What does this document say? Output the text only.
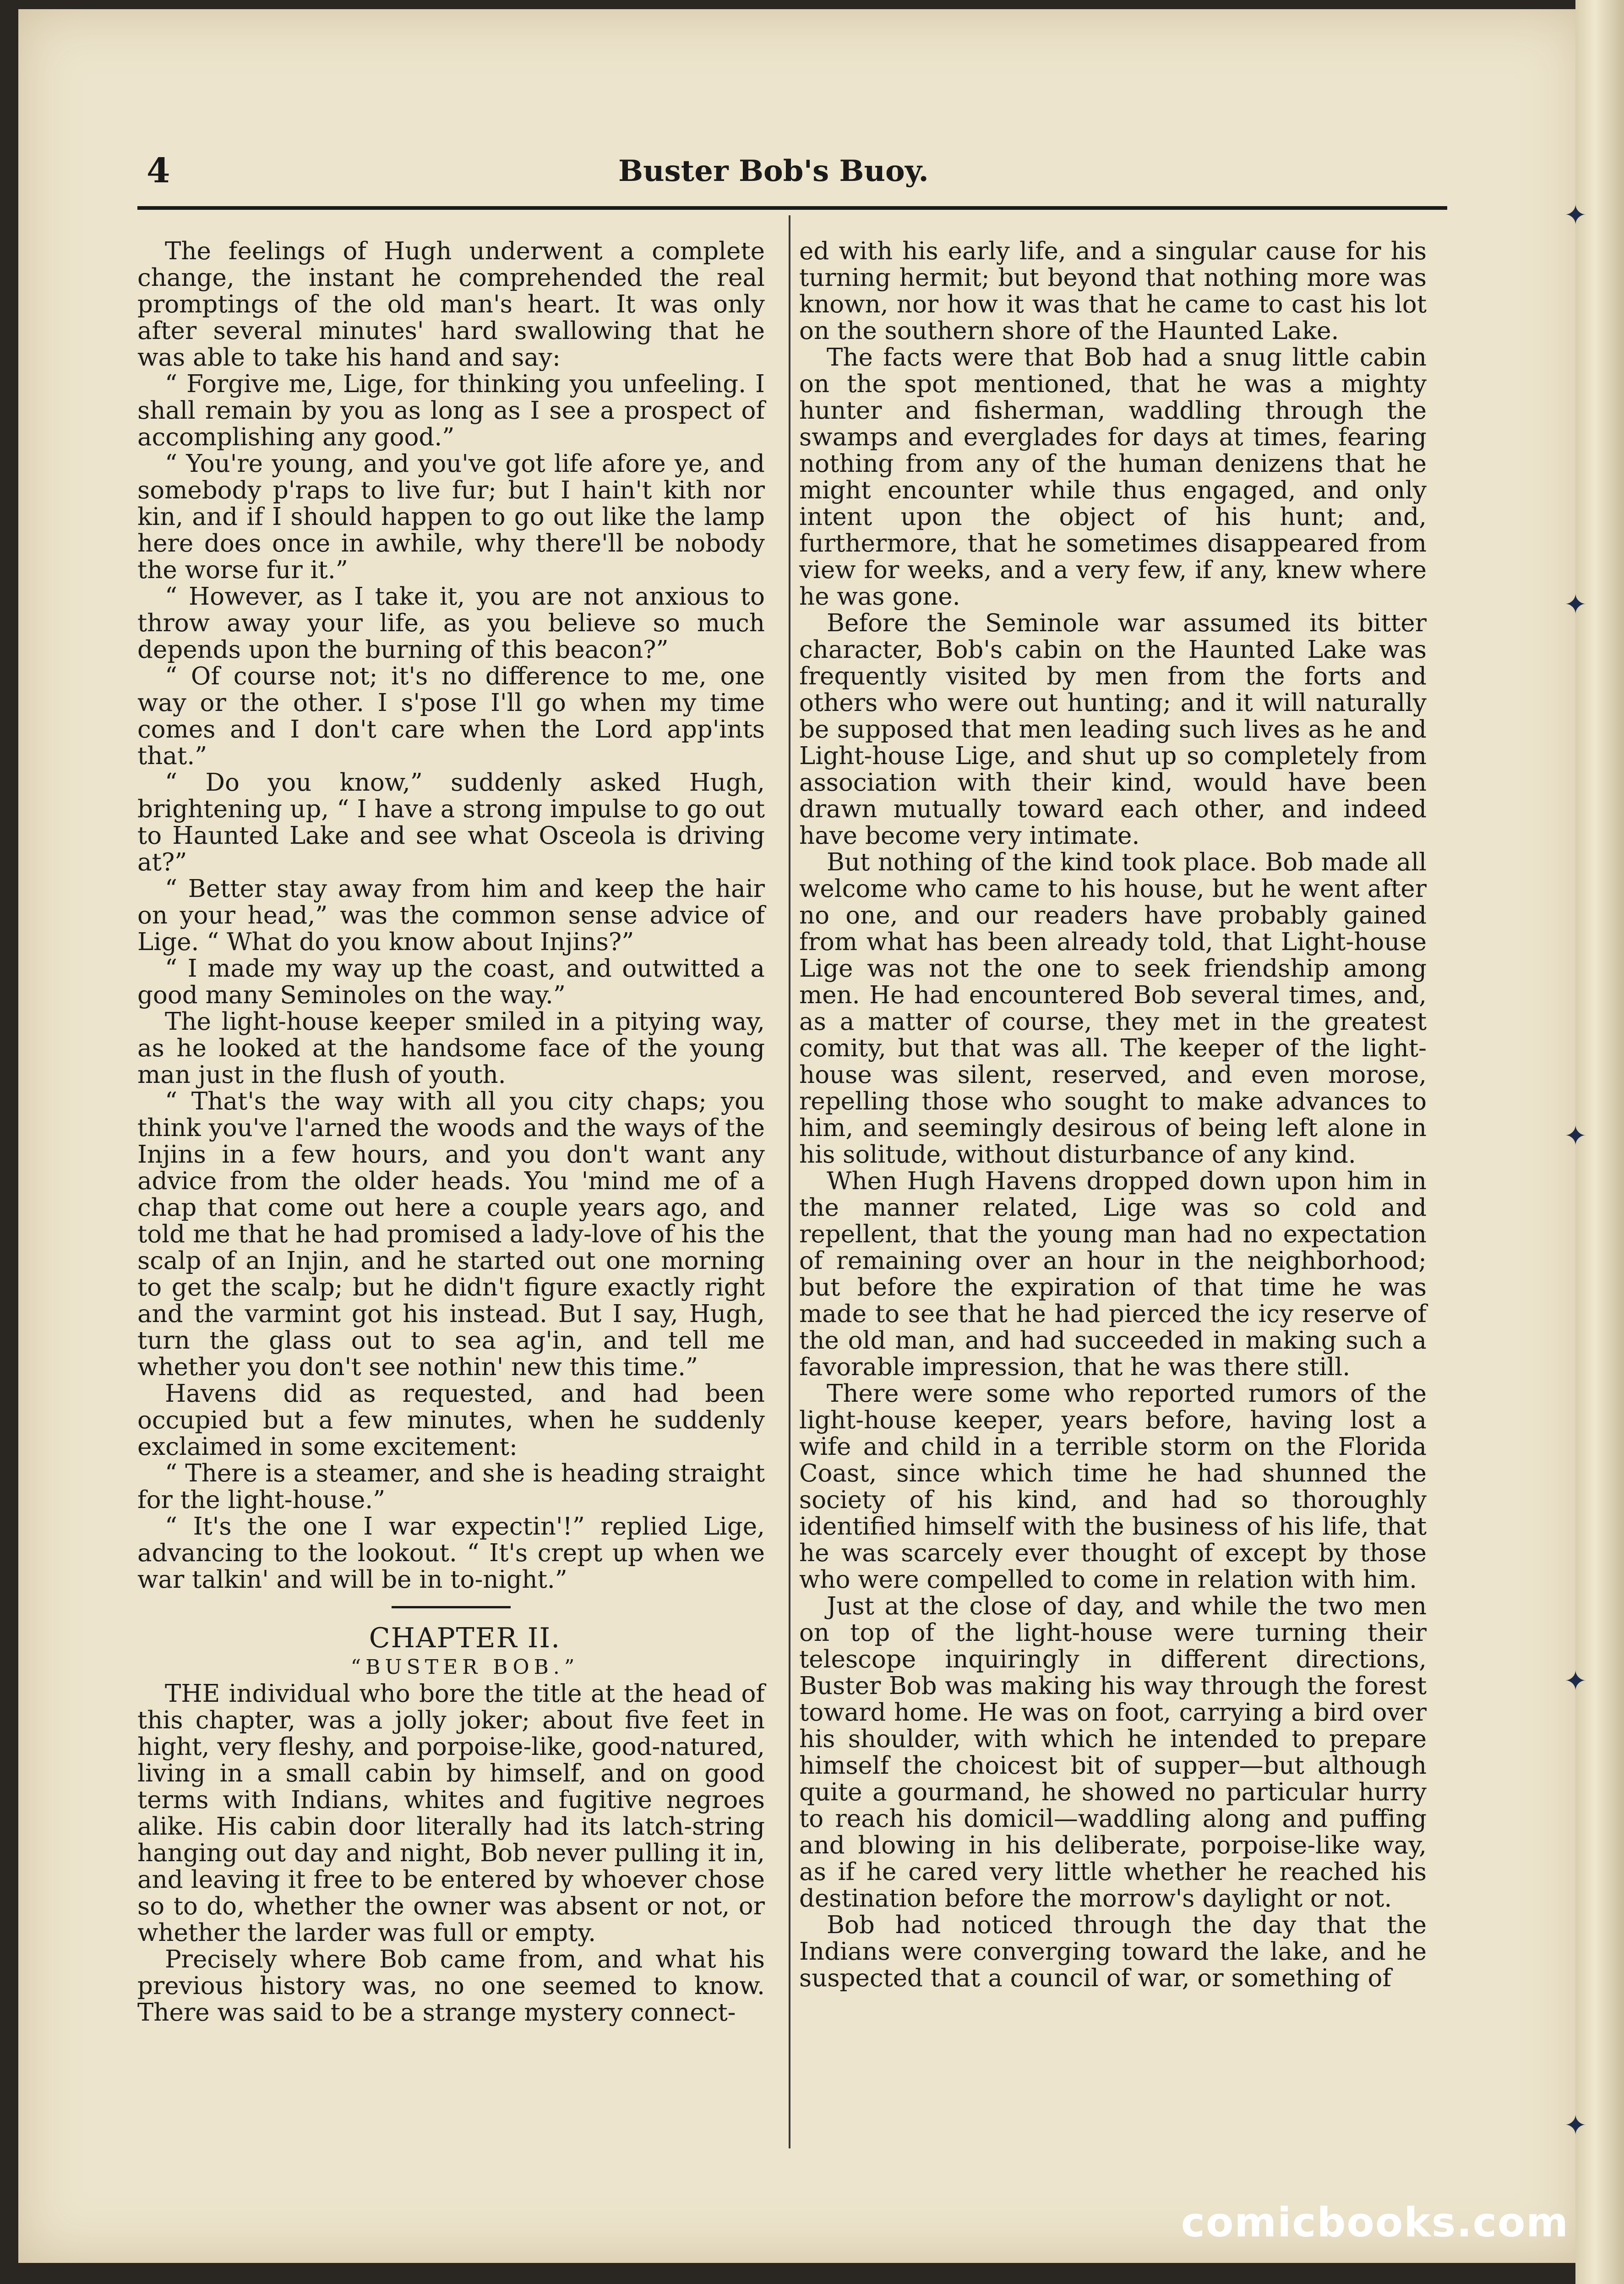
✦
✦
✦
✦
✦
4	Buster Bob's Buoy.

The feelings of Hugh underwent a complete change, the instant he comprehended the real promptings of the old man's heart. It was only after several minutes' hard swallowing that he was able to take his hand and say:

“ Forgive me, Lige, for thinking you unfeeling. I shall remain by you as long as I see a prospect of accomplishing any good.”

“ You're young, and you've got life afore ye, and somebody p'raps to live fur; but I hain't kith nor kin, and if I should happen to go out like the lamp here does once in awhile, why there'll be nobody the worse fur it.”

“ However, as I take it, you are not anxious to throw away your life, as you believe so much depends upon the burning of this beacon?”

“ Of course not; it's no difference to me, one way or the other. I s'pose I'll go when my time comes and I don't care when the Lord app'ints that.”

“ Do you know,” suddenly asked Hugh, brightening up, “ I have a strong impulse to go out to Haunted Lake and see what Osceola is driving at?”

“ Better stay away from him and keep the hair on your head,” was the common sense advice of Lige. “ What do you know about Injins?”

“ I made my way up the coast, and outwitted a good many Seminoles on the way.”

The light-house keeper smiled in a pitying way, as he looked at the handsome face of the young man just in the flush of youth.

“ That's the way with all you city chaps; you think you've l'arned the woods and the ways of the Injins in a few hours, and you don't want any advice from the older heads. You 'mind me of a chap that come out here a couple years ago, and told me that he had promised a lady-love of his the scalp of an Injin, and he started out one morning to get the scalp; but he didn't figure exactly right and the varmint got his instead. But I say, Hugh, turn the glass out to sea ag'in, and tell me whether you don't see nothin' new this time.”

Havens did as requested, and had been occupied but a few minutes, when he suddenly exclaimed in some excitement:

“ There is a steamer, and she is heading straight for the light-house.”

“ It's the one I war expectin'!” replied Lige, advancing to the lookout. “ It's crept up when we war talkin' and will be in to-night.”

CHAPTER II.

“BUSTER BOB.”

THE individual who bore the title at the head of this chapter, was a jolly joker; about five feet in hight, very fleshy, and porpoise-like, good-natured, living in a small cabin by himself, and on good terms with Indians, whites and fugitive negroes alike. His cabin door literally had its latch-string hanging out day and night, Bob never pulling it in, and leaving it free to be entered by whoever chose so to do, whether the owner was absent or not, or whether the larder was full or empty.

Precisely where Bob came from, and what his previous history was, no one seemed to know. There was said to be a strange mystery connect-

ed with his early life, and a singular cause for his turning hermit; but beyond that nothing more was known, nor how it was that he came to cast his lot on the southern shore of the Haunted Lake.

The facts were that Bob had a snug little cabin on the spot mentioned, that he was a mighty hunter and fisherman, waddling through the swamps and everglades for days at times, fearing nothing from any of the human denizens that he might encounter while thus engaged, and only intent upon the object of his hunt; and, furthermore, that he sometimes disappeared from view for weeks, and a very few, if any, knew where he was gone.

Before the Seminole war assumed its bitter character, Bob's cabin on the Haunted Lake was frequently visited by men from the forts and others who were out hunting; and it will naturally be supposed that men leading such lives as he and Light-house Lige, and shut up so completely from association with their kind, would have been drawn mutually toward each other, and indeed have become very intimate.

But nothing of the kind took place. Bob made all welcome who came to his house, but he went after no one, and our readers have probably gained from what has been already told, that Light-house Lige was not the one to seek friendship among men. He had encountered Bob several times, and, as a matter of course, they met in the greatest comity, but that was all. The keeper of the light-house was silent, reserved, and even morose, repelling those who sought to make advances to him, and seemingly desirous of being left alone in his solitude, without disturbance of any kind.

When Hugh Havens dropped down upon him in the manner related, Lige was so cold and repellent, that the young man had no expectation of remaining over an hour in the neighborhood; but before the expiration of that time he was made to see that he had pierced the icy reserve of the old man, and had succeeded in making such a favorable impression, that he was there still.

There were some who reported rumors of the light-house keeper, years before, having lost a wife and child in a terrible storm on the Florida Coast, since which time he had shunned the society of his kind, and had so thoroughly identified himself with the business of his life, that he was scarcely ever thought of except by those who were compelled to come in relation with him.

Just at the close of day, and while the two men on top of the light-house were turning their telescope inquiringly in different directions, Buster Bob was making his way through the forest toward home. He was on foot, carrying a bird over his shoulder, with which he intended to prepare himself the choicest bit of supper—but although quite a gourmand, he showed no particular hurry to reach his domicil—waddling along and puffing and blowing in his deliberate, porpoise-like way, as if he cared very little whether he reached his destination before the morrow's daylight or not.

Bob had noticed through the day that the Indians were converging toward the lake, and he suspected that a council of war, or something of

comicbooks.com
